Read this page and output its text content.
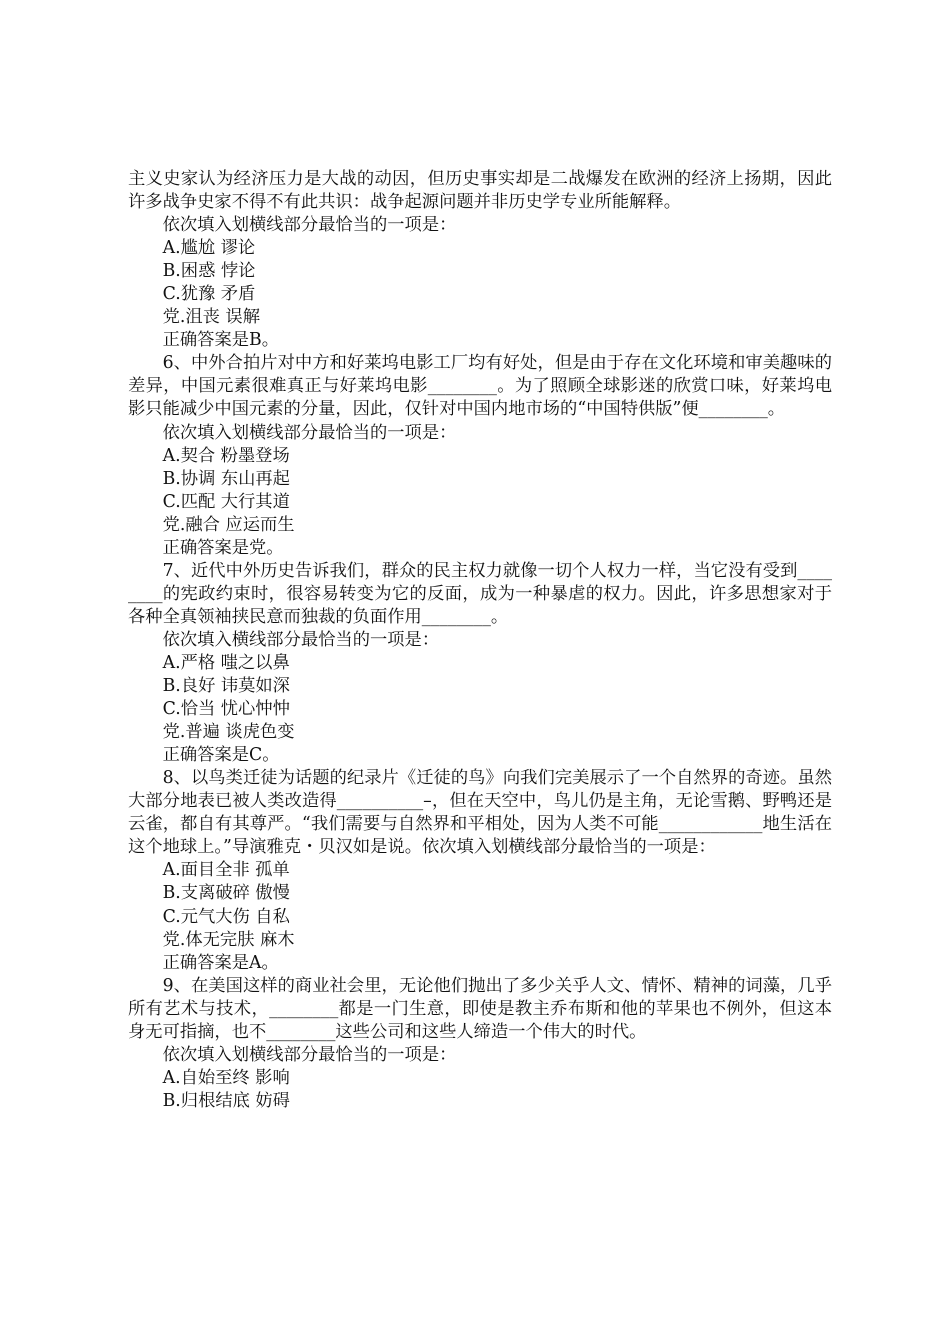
主义史家认为经济压力是大战的动因，但历史事实却是二战爆发在欧洲的经济上扬期，因此许多战争史家不得不有此共识：战争起源问题并非历史学专业所能解释。

依次填入划横线部分最恰当的一项是：

A.尴尬 谬论

B.困惑 悖论

C.犹豫 矛盾

党.沮丧 误解

正确答案是B。

6、中外合拍片对中方和好莱坞电影工厂均有好处，但是由于存在文化环境和审美趣味的差异，中国元素很难真正与好莱坞电影________。为了照顾全球影迷的欣赏口味，好莱坞电影只能减少中国元素的分量，因此，仅针对中国内地市场的“中国特供版”便________。

依次填入划横线部分最恰当的一项是：

A.契合 粉墨登场

B.协调 东山再起

C.匹配 大行其道

党.融合 应运而生

正确答案是党。

7、近代中外历史告诉我们，群众的民主权力就像一切个人权力一样，当它没有受到________的宪政约束时，很容易转变为它的反面，成为一种暴虐的权力。因此，许多思想家对于各种全真领袖挟民意而独裁的负面作用________。

依次填入横线部分最恰当的一项是：

A.严格 嗤之以鼻

B.良好 讳莫如深

C.恰当 忧心忡忡

党.普遍 谈虎色变

正确答案是C。

8、以鸟类迁徒为话题的纪录片《迁徒的鸟》向我们完美展示了一个自然界的奇迹。虽然大部分地表已被人类改造得__________–，但在天空中，鸟儿仍是主角，无论雪鹅、野鸭还是云雀，都自有其尊严。“我们需要与自然界和平相处，因为人类不可能____________地生活在这个地球上。”导演雅克・贝汉如是说。依次填入划横线部分最恰当的一项是：

A.面目全非 孤单

B.支离破碎 傲慢

C.元气大伤 自私

党.体无完肤 麻木

正确答案是A。

9、在美国这样的商业社会里，无论他们抛出了多少关乎人文、情怀、精神的词藻，几乎所有艺术与技术，________都是一门生意，即使是教主乔布斯和他的苹果也不例外，但这本身无可指摘，也不________这些公司和这些人缔造一个伟大的时代。

依次填入划横线部分最恰当的一项是：

A.自始至终 影响

B.归根结底 妨碍
